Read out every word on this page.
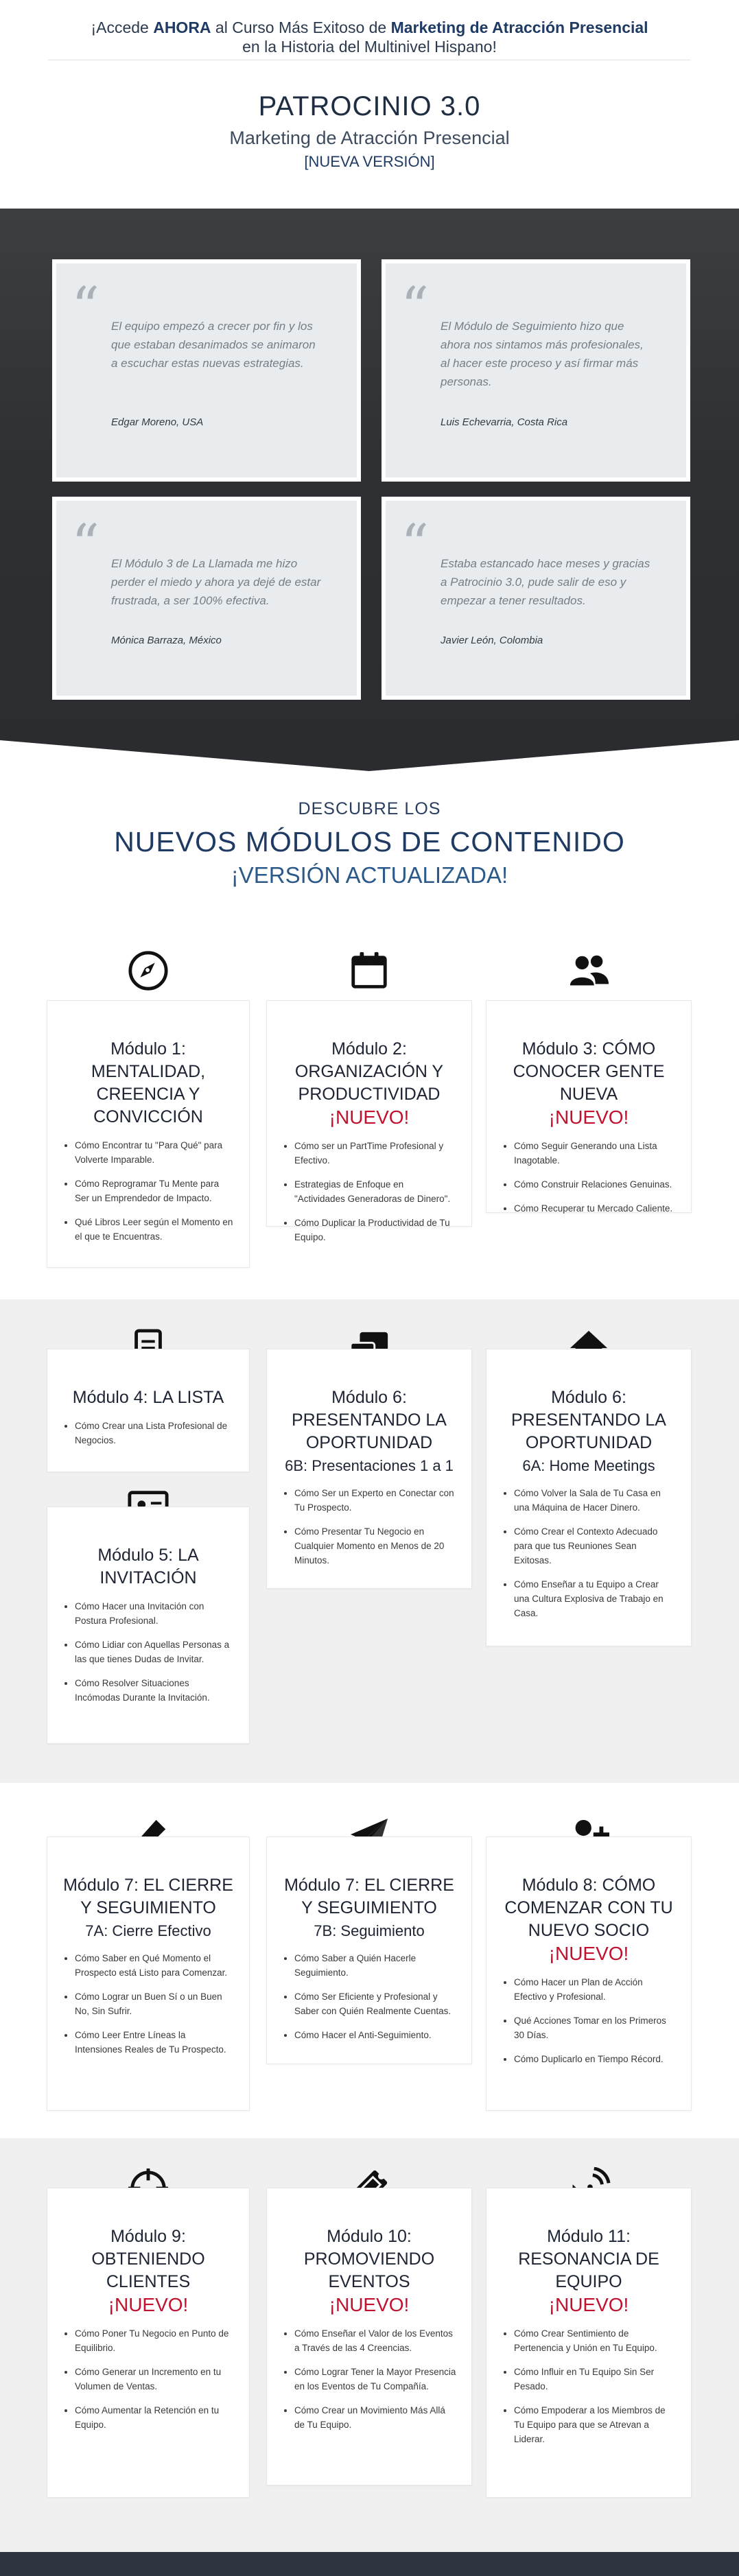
¡Accede AHORA al Curso Más Exitoso de Marketing de Atracción Presencial
en la Historia del Multinivel Hispano!
PATROCINIO 3.0
Marketing de Atracción Presencial
[NUEVA VERSIÓN]
“ El equipo empezó a crecer por fin y los que estaban desanimados se animaron a escuchar estas nuevas estrategias.
Edgar Moreno, USA
“ El Módulo de Seguimiento hizo que ahora nos sintamos más profesionales, al hacer este proceso y así firmar más personas.
Luis Echevarria, Costa Rica
“ El Módulo 3 de La Llamada me hizo perder el miedo y ahora ya dejé de estar frustrada, a ser 100% efectiva.
Mónica Barraza, México
“ Estaba estancado hace meses y gracias a Patrocinio 3.0, pude salir de eso y empezar a tener resultados.
Javier León, Colombia
DESCUBRE LOS
NUEVOS MÓDULOS DE CONTENIDO
¡VERSIÓN ACTUALIZADA!
Módulo 1: MENTALIDAD, CREENCIA Y CONVICCIÓN
• Cómo Encontrar tu "Para Qué" para Volverte Imparable.
• Cómo Reprogramar Tu Mente para Ser un Emprendedor de Impacto.
• Qué Libros Leer según el Momento en el que te Encuentras.
Módulo 2: ORGANIZACIÓN Y PRODUCTIVIDAD
¡NUEVO!
• Cómo ser un PartTime Profesional y Efectivo.
• Estrategias de Enfoque en "Actividades Generadoras de Dinero".
• Cómo Duplicar la Productividad de Tu Equipo.
Módulo 3: CÓMO CONOCER GENTE NUEVA
¡NUEVO!
• Cómo Seguir Generando una Lista Inagotable.
• Cómo Construir Relaciones Genuinas.
• Cómo Recuperar tu Mercado Caliente.
Módulo 4: LA LISTA
• Cómo Crear una Lista Profesional de Negocios.
Módulo 5: LA INVITACIÓN
• Cómo Hacer una Invitación con Postura Profesional.
• Cómo Lidiar con Aquellas Personas a las que tienes Dudas de Invitar.
• Cómo Resolver Situaciones Incómodas Durante la Invitación.
Módulo 6: PRESENTANDO LA OPORTUNIDAD
6B: Presentaciones 1 a 1
• Cómo Ser un Experto en Conectar con Tu Prospecto.
• Cómo Presentar Tu Negocio en Cualquier Momento en Menos de 20 Minutos.
Módulo 6: PRESENTANDO LA OPORTUNIDAD
6A: Home Meetings
• Cómo Volver la Sala de Tu Casa en una Máquina de Hacer Dinero.
• Cómo Crear el Contexto Adecuado para que tus Reuniones Sean Exitosas.
• Cómo Enseñar a tu Equipo a Crear una Cultura Explosiva de Trabajo en Casa.
Módulo 7: EL CIERRE Y SEGUIMIENTO
7A: Cierre Efectivo
• Cómo Saber en Qué Momento el Prospecto está Listo para Comenzar.
• Cómo Lograr un Buen Sí o un Buen No, Sin Sufrir.
• Cómo Leer Entre Líneas la Intensiones Reales de Tu Prospecto.
Módulo 7: EL CIERRE Y SEGUIMIENTO
7B: Seguimiento
• Cómo Saber a Quién Hacerle Seguimiento.
• Cómo Ser Eficiente y Profesional y Saber con Quién Realmente Cuentas.
• Cómo Hacer el Anti-Seguimiento.
Módulo 8: CÓMO COMENZAR CON TU NUEVO SOCIO
¡NUEVO!
• Cómo Hacer un Plan de Acción Efectivo y Profesional.
• Qué Acciones Tomar en los Primeros 30 Días.
• Cómo Duplicarlo en Tiempo Récord.
Módulo 9: OBTENIENDO CLIENTES
¡NUEVO!
• Cómo Poner Tu Negocio en Punto de Equilibrio.
• Cómo Generar un Incremento en tu Volumen de Ventas.
• Cómo Aumentar la Retención en tu Equipo.
Módulo 10: PROMOVIENDO EVENTOS
¡NUEVO!
• Cómo Enseñar el Valor de los Eventos a Través de las 4 Creencias.
• Cómo Lograr Tener la Mayor Presencia en los Eventos de Tu Compañía.
• Cómo Crear un Movimiento Más Allá de Tu Equipo.
Módulo 11: RESONANCIA DE EQUIPO
¡NUEVO!
• Cómo Crear Sentimiento de Pertenencia y Unión en Tu Equipo.
• Cómo Influir en Tu Equipo Sin Ser Pesado.
• Cómo Empoderar a los Miembros de Tu Equipo para que se Atrevan a Liderar.
